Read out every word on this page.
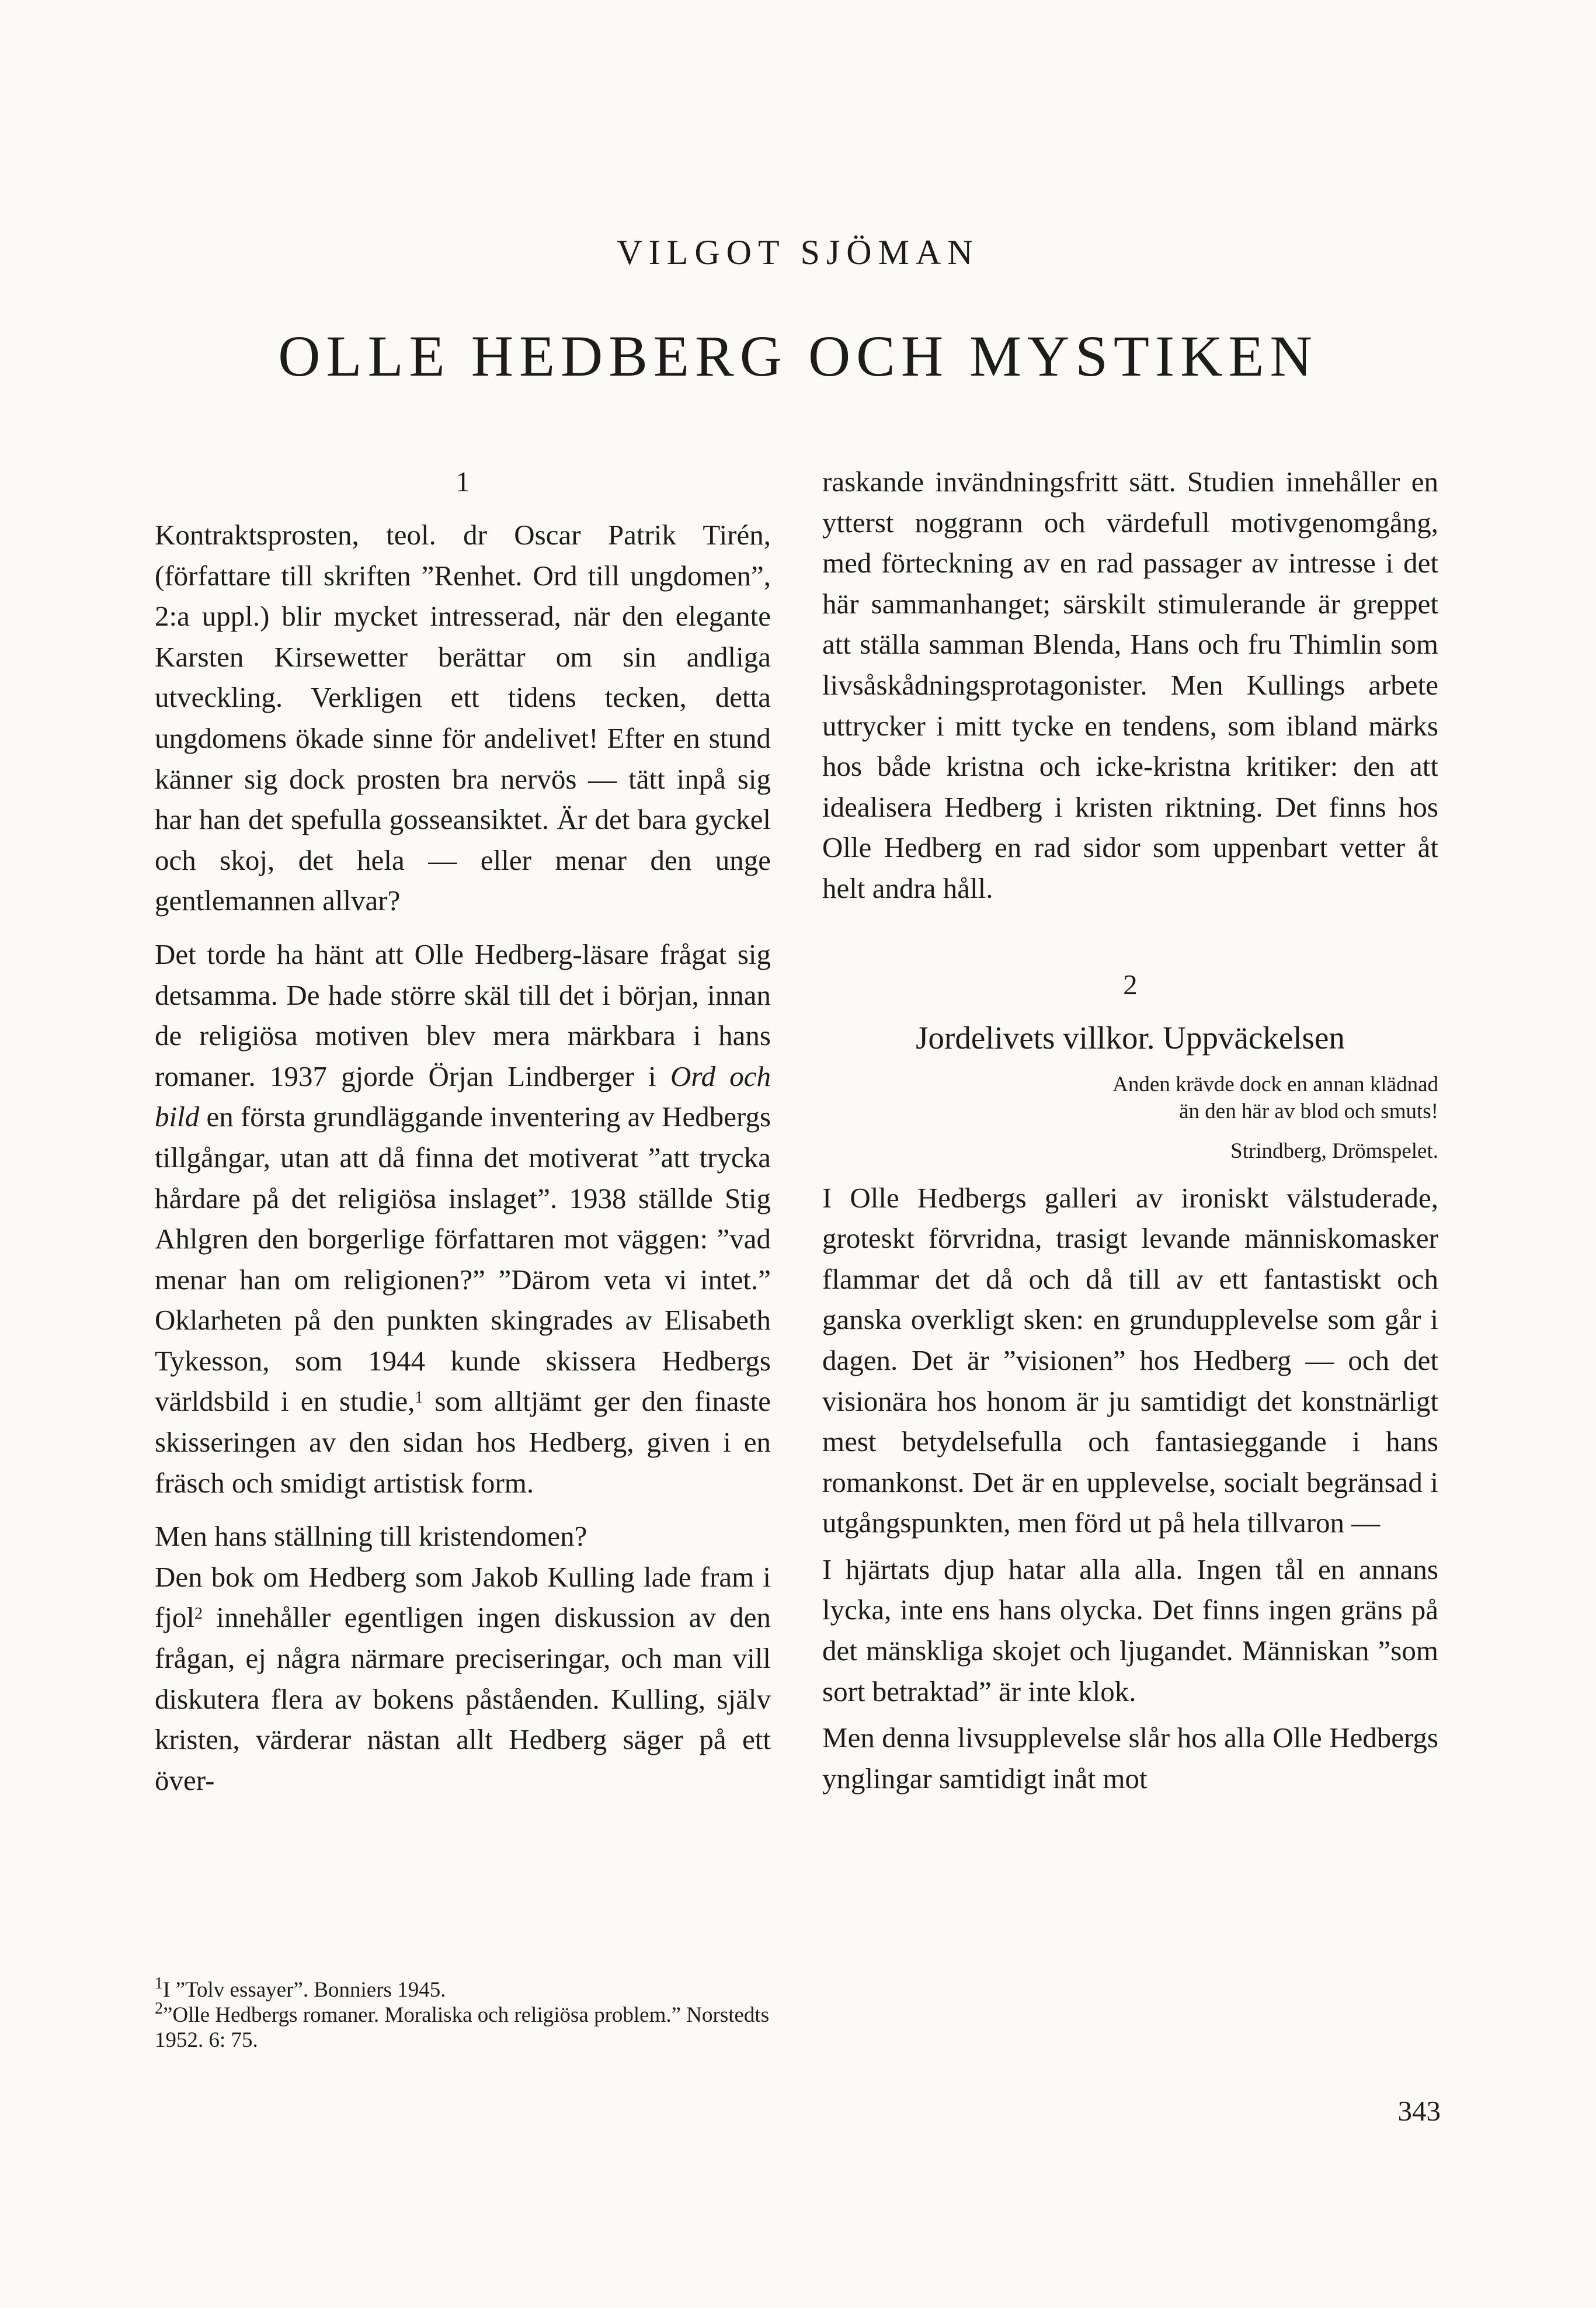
VILGOT SJÖMAN
OLLE HEDBERG OCH MYSTIKEN

1

Kontraktsprosten, teol. dr Oscar Patrik Tirén, (författare till skriften ”Renhet. Ord till ungdomen”, 2:a uppl.) blir mycket intresserad, när den elegante Karsten Kirsewetter berättar om sin andliga utveckling. Verkligen ett tidens tecken, detta ungdomens ökade sinne för andelivet! Efter en stund känner sig dock prosten bra nervös — tätt inpå sig har han det spefulla gosseansiktet. Är det bara gyckel och skoj, det hela — eller menar den unge gentlemannen allvar?

Det torde ha hänt att Olle Hedberg-läsare frågat sig detsamma. De hade större skäl till det i början, innan de religiösa motiven blev mera märkbara i hans romaner. 1937 gjorde Örjan Lindberger i Ord och bild en första grundläggande inventering av Hedbergs tillgångar, utan att då finna det motiverat ”att trycka hårdare på det religiösa inslaget”. 1938 ställde Stig Ahlgren den borgerlige författaren mot väggen: ”vad menar han om religionen?” ”Därom veta vi intet.” Oklarheten på den punkten skingrades av Elisabeth Tykesson, som 1944 kunde skissera Hedbergs världsbild i en studie,$^1$ som alltjämt ger den finaste skisseringen av den sidan hos Hedberg, given i en fräsch och smidigt artistisk form.

Men hans ställning till kristendomen?

Den bok om Hedberg som Jakob Kulling lade fram i fjol$^2$ innehåller egentligen ingen diskussion av den frågan, ej några närmare preciseringar, och man vill diskutera flera av bokens påståenden. Kulling, själv kristen, värderar nästan allt Hedberg säger på ett över-

raskande invändningsfritt sätt. Studien innehåller en ytterst noggrann och värdefull motivgenomgång, med förteckning av en rad passager av intresse i det här sammanhanget; särskilt stimulerande är greppet att ställa samman Blenda, Hans och fru Thimlin som livsåskådningsprotagonister. Men Kullings arbete uttrycker i mitt tycke en tendens, som ibland märks hos både kristna och icke-kristna kritiker: den att idealisera Hedberg i kristen riktning. Det finns hos Olle Hedberg en rad sidor som uppenbart vetter åt helt andra håll.

2

Jordelivets villkor. Uppväckelsen

Anden krävde dock en annan klädnad

än den här av blod och smuts!

Strindberg, Drömspelet.

I Olle Hedbergs galleri av ironiskt välstuderade, groteskt förvridna, trasigt levande människomasker flammar det då och då till av ett fantastiskt och ganska overkligt sken: en grundupplevelse som går i dagen. Det är ”visionen” hos Hedberg — och det visionära hos honom är ju samtidigt det konstnärligt mest betydelsefulla och fantasieggande i hans romankonst. Det är en upplevelse, socialt begränsad i utgångspunkten, men förd ut på hela tillvaron —

I hjärtats djup hatar alla alla. Ingen tål en annans lycka, inte ens hans olycka. Det finns ingen gräns på det mänskliga skojet och ljugandet. Människan ”som sort betraktad” är inte klok.

Men denna livsupplevelse slår hos alla Olle Hedbergs ynglingar samtidigt inåt mot

$^1$I ”Tolv essayer”. Bonniers 1945.

$^2$”Olle Hedbergs romaner. Moraliska och religiösa problem.” Norstedts 1952. 6: 75.

343
